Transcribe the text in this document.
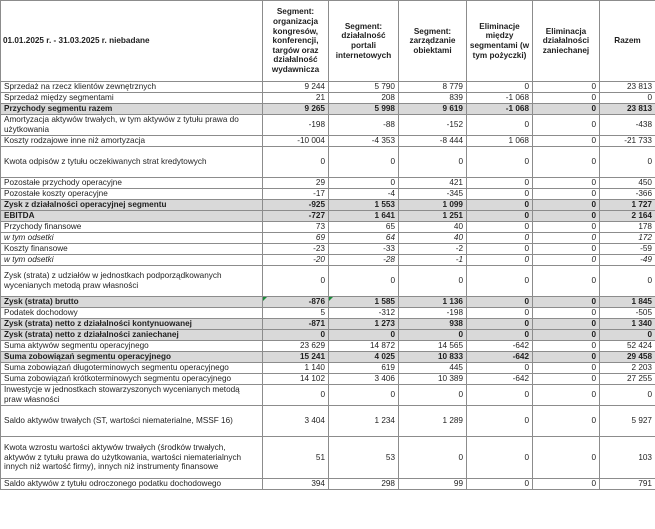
01.01.2025 r. - 31.03.2025 r. niebadane	Segment: organizacja kongresów, konferencji, targów oraz działalność wydawnicza	Segment: działalność portali internetowych	Segment: zarządzanie obiektami	Eliminacje między segmentami (w tym pożyczki)	Eliminacja działalności zaniechanej	Razem
Sprzedaż na rzecz klientów zewnętrznych	9 244	5 790	8 779	0	0	23 813
Sprzedaż między segmentami	21	208	839	-1 068	0	0
Przychody segmentu razem	9 265	5 998	9 619	-1 068	0	23 813
Amortyzacja aktywów trwałych, w tym aktywów z tytułu prawa do użytkowania	-198	-88	-152	0	0	-438
Koszty rodzajowe inne niż amortyzacja	-10 004	-4 353	-8 444	1 068	0	-21 733
Kwota odpisów z tytułu oczekiwanych strat kredytowych	0	0	0	0	0	0
Pozostałe przychody operacyjne	29	0	421	0	0	450
Pozostałe koszty operacyjne	-17	-4	-345	0	0	-366
Zysk z działalności operacyjnej segmentu	-925	1 553	1 099	0	0	1 727
EBITDA	-727	1 641	1 251	0	0	2 164
Przychody finansowe	73	65	40	0	0	178
w tym odsetki	69	64	40	0	0	172
Koszty finansowe	-23	-33	-2	0	0	-59
w tym odsetki	-20	-28	-1	0	0	-49
Zysk (strata) z udziałów w jednostkach podporządkowanych wycenianych metodą praw własności	0	0	0	0	0	0
Zysk (strata) brutto	-876	1 585	1 136	0	0	1 845
Podatek dochodowy	5	-312	-198	0	0	-505
Zysk (strata) netto z działalności kontynuowanej	-871	1 273	938	0	0	1 340
Zysk (strata) netto z działalności zaniechanej	0	0	0	0	0	0
Suma aktywów segmentu operacyjnego	23 629	14 872	14 565	-642	0	52 424
Suma zobowiązań segmentu operacyjnego	15 241	4 025	10 833	-642	0	29 458
Suma zobowiązań długoterminowych segmentu operacyjnego	1 140	619	445	0	0	2 203
Suma zobowiązań krótkoterminowych segmentu operacyjnego	14 102	3 406	10 389	-642	0	27 255
Inwestycje w jednostkach stowarzyszonych wycenianych metodą praw własności	0	0	0	0	0	0
Saldo aktywów trwałych (ST, wartości niematerialne, MSSF 16)	3 404	1 234	1 289	0	0	5 927
Kwota wzrostu wartości aktywów trwałych (środków trwałych, aktywów z tytułu prawa do użytkowania, wartości niematerialnych innych niż wartość firmy), innych niż instrumenty finansowe	51	53	0	0	0	103
Saldo aktywów z tytułu odroczonego podatku dochodowego	394	298	99	0	0	791
